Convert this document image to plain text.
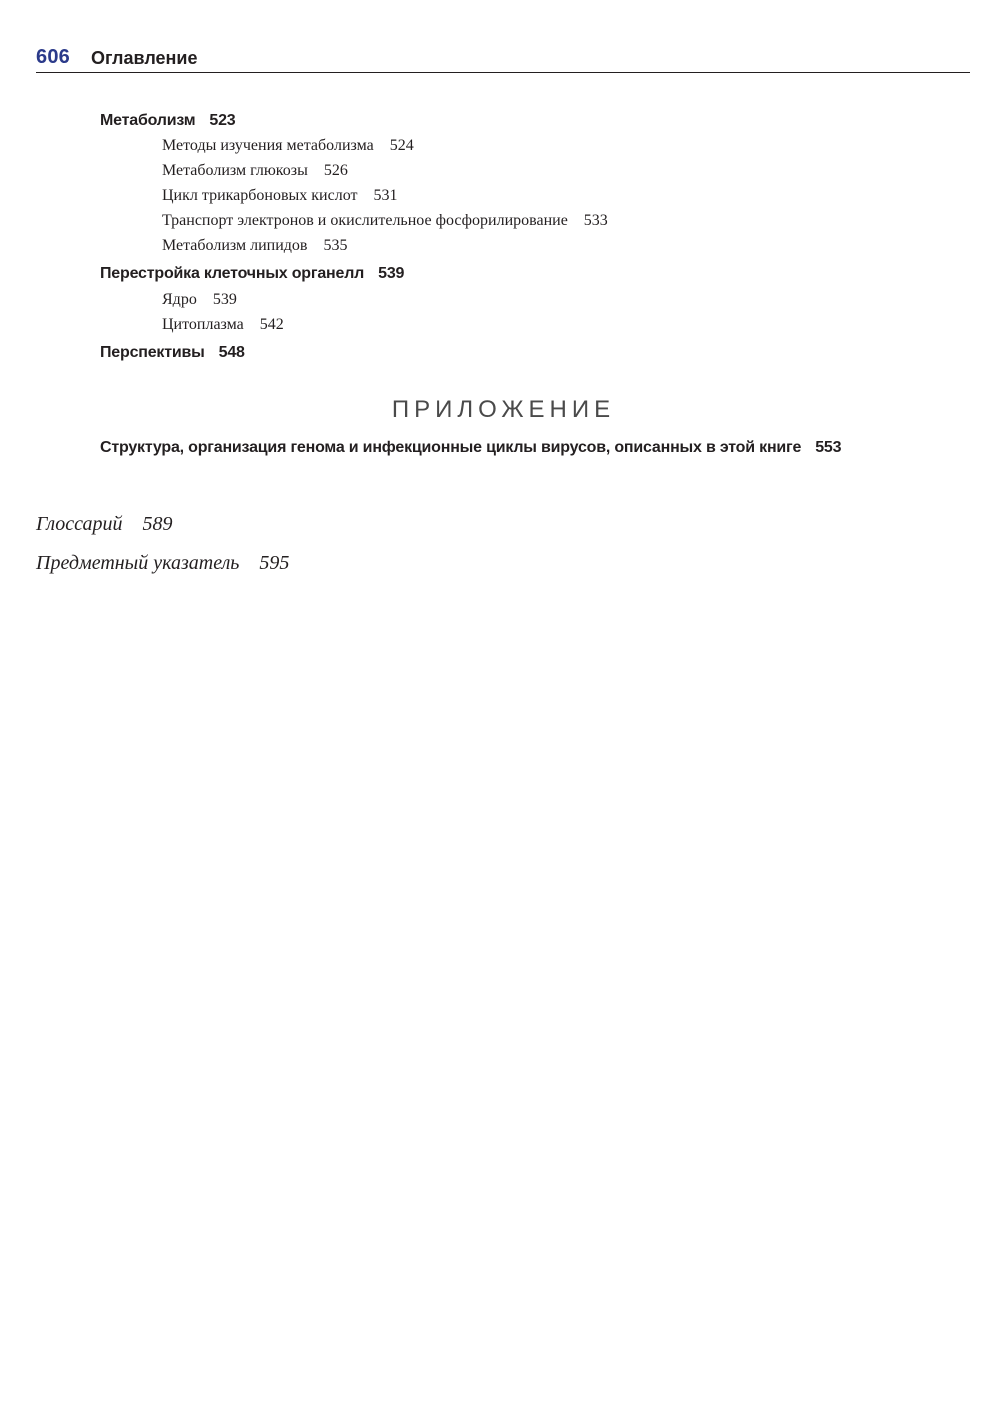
606 Оглавление
Метаболизм 523
Методы изучения метаболизма 524
Метаболизм глюкозы 526
Цикл трикарбоновых кислот 531
Транспорт электронов и окислительное фосфорилирование 533
Метаболизм липидов 535
Перестройка клеточных органелл 539
Ядро 539
Цитоплазма 542
Перспективы 548
ПРИЛОЖЕНИЕ
Структура, организация генома и инфекционные циклы вирусов, описанных в этой книге 553
Глоссарий 589
Предметный указатель 595
